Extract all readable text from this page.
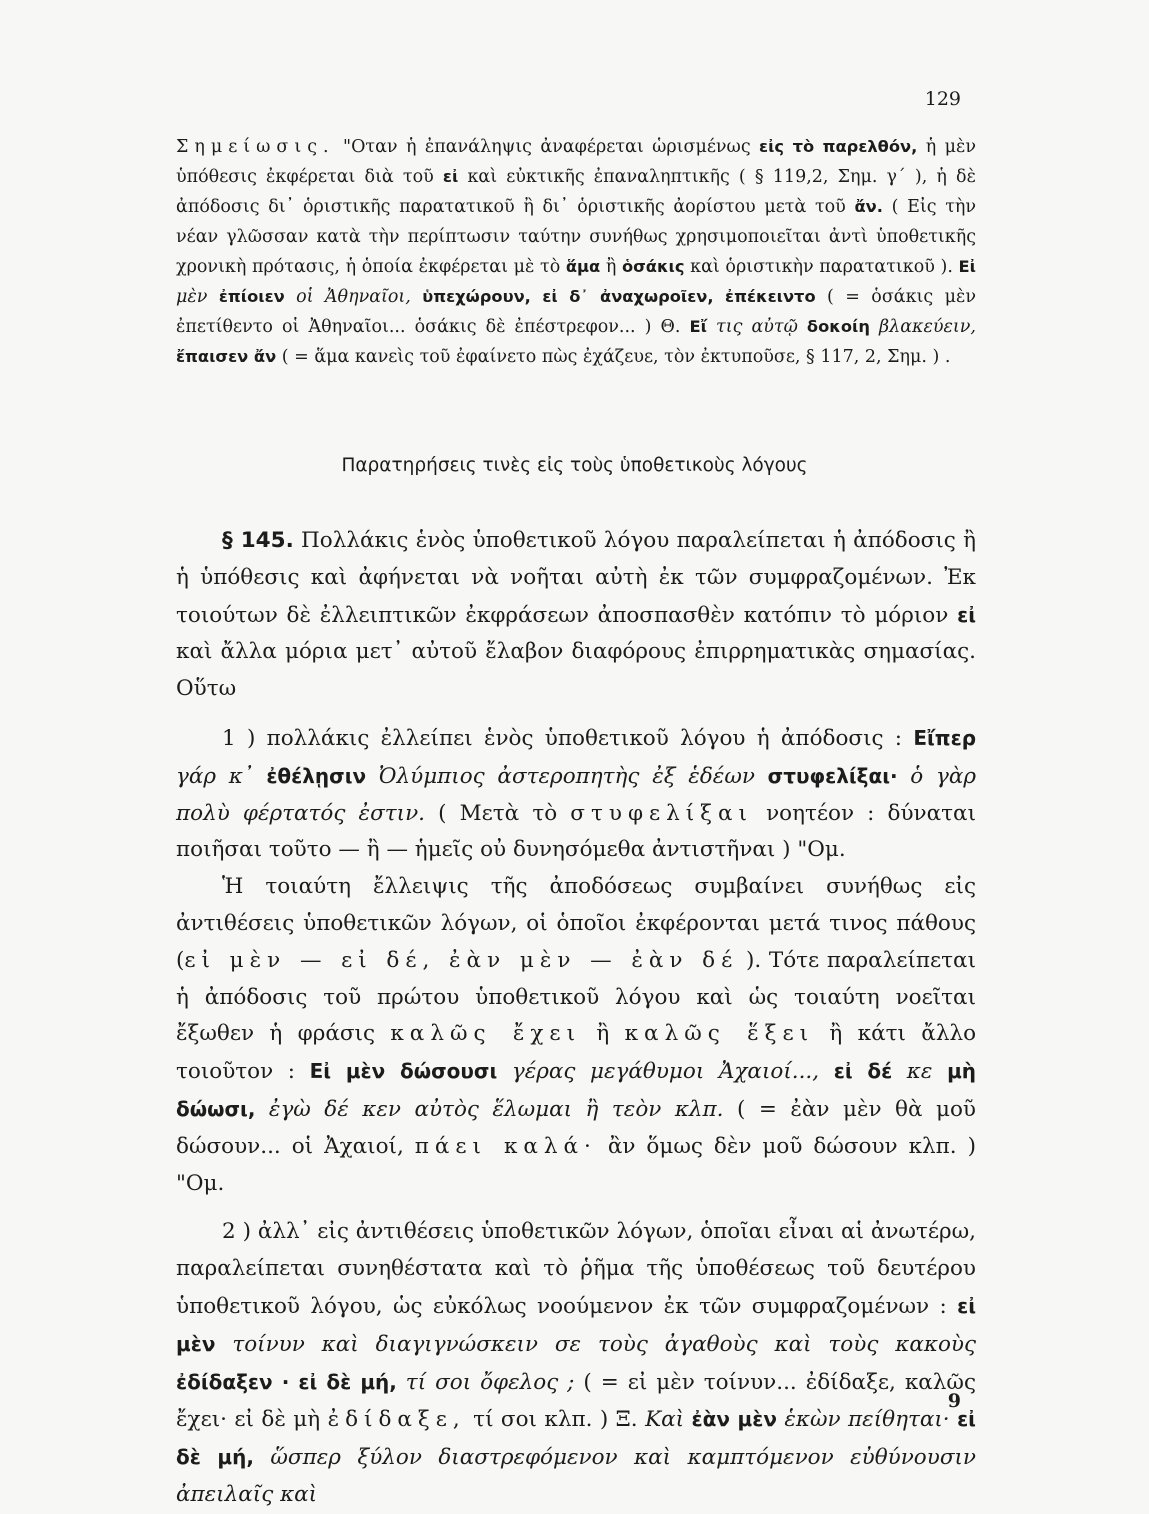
129
Σημείωσις. "Οταν ἡ ἐπανάληψις ἀναφέρεται ὡρισμένως εἰς τὸ παρελθόν, ἡ μὲν ὑπόθεσις ἐκφέρεται διὰ τοῦ εἰ καὶ εὐκτικῆς ἐπαναληπτικῆς ( § 119,2, Σημ. γ΄ ), ἡ δὲ ἀπόδοσις δι᾿ ὁριστικῆς παρατατικοῦ ἢ δι᾿ ὁριστικῆς ἀορίστου μετὰ τοῦ ἄν. ( Εἰς τὴν νέαν γλῶσσαν κατὰ τὴν περίπτωσιν ταύτην συνήθως χρησιμοποιεῖται ἀντὶ ὑποθετικῆς χρονικὴ πρότασις, ἡ ὁποία ἐκφέρεται μὲ τὸ ἅμα ἢ ὁσάκις καὶ ὁριστικὴν παρατατικοῦ ). Εἰ μὲν ἐπίοιεν οἱ Ἀθηναῖοι, ὑπεχώρουν, εἰ δ᾿ ἀναχωροῖεν, ἐπέκειντο ( = ὁσάκις μὲν ἐπετίθεντο οἱ Ἀθηναῖοι... ὁσάκις δὲ ἐπέστρεφον... ) Θ. Εἴ τις αὐτῷ δοκοίη βλακεύειν, ἔπαισεν ἄν ( = ἅμα κανεὶς τοῦ ἐφαίνετο πὼς ἐχάζευε, τὸν ἐκτυποῦσε, § 117, 2, Σημ. ) .
Παρατηρήσεις τινὲς εἰς τοὺς ὑποθετικοὺς λόγους

§ 145. Πολλάκις ἑνὸς ὑποθετικοῦ λόγου παραλείπεται ἡ ἀπόδοσις ἢ ἡ ὑπόθεσις καὶ ἀφήνεται νὰ νοῆται αὐτὴ ἐκ τῶν συμφραζομένων. Ἐκ τοιούτων δὲ ἐλλειπτικῶν ἐκφράσεων ἀποσπασθὲν κατόπιν τὸ μόριον εἰ καὶ ἄλλα μόρια μετ᾿ αὐτοῦ ἔλαβον διαφόρους ἐπιρρηματικὰς σημασίας. Οὕτω

1 ) πολλάκις ἐλλείπει ἑνὸς ὑποθετικοῦ λόγου ἡ ἀπόδοσις : Εἴπερ γάρ κ᾿ ἐθέλῃσιν Ὀλύμπιος ἀστεροπητὴς ἐξ ἑδέων στυφελίξαι· ὁ γὰρ πολὺ φέρτατός ἐστιν. ( Μετὰ τὸ στυφελίξαι νοητέον : δύναται ποιῆσαι τοῦτο — ἢ — ἡμεῖς οὐ δυνησόμεθα ἀντιστῆναι ) "Ομ.

Ἡ τοιαύτη ἔλλειψις τῆς ἀποδόσεως συμβαίνει συνήθως εἰς ἀντιθέσεις ὑποθετικῶν λόγων, οἱ ὁποῖοι ἐκφέρονται μετά τινος πάθους (εἰ μὲν — εἰ δέ, ἐὰν μὲν — ἐὰν δέ ). Τότε παραλείπεται ἡ ἀπόδοσις τοῦ πρώτου ὑποθετικοῦ λόγου καὶ ὡς τοιαύτη νοεῖται ἔξωθεν ἡ φράσις καλῶς ἔχει ἢ καλῶς ἕξει ἢ κάτι ἄλλο τοιοῦτον : Εἰ μὲν δώσουσι γέρας μεγάθυμοι Ἀχαιοί..., εἰ δέ κε μὴ δώωσι, ἐγὼ δέ κεν αὐτὸς ἕλωμαι ἢ τεὸν κλπ. ( = ἐὰν μὲν θὰ μοῦ δώσουν... οἱ Ἀχαιοί, πάει καλά· ἂν ὅμως δὲν μοῦ δώσουν κλπ. ) "Ομ.

2 ) ἀλλ᾿ εἰς ἀντιθέσεις ὑποθετικῶν λόγων, ὁποῖαι εἶναι αἱ ἀνωτέρω, παραλείπεται συνηθέστατα καὶ τὸ ῥῆμα τῆς ὑποθέσεως τοῦ δευτέρου ὑποθετικοῦ λόγου, ὡς εὐκόλως νοούμενον ἐκ τῶν συμφραζομένων : εἰ μὲν τοίνυν καὶ διαγιγνώσκειν σε τοὺς ἀγαθοὺς καὶ τοὺς κακοὺς ἐδίδαξεν · εἰ δὲ μή, τί σοι ὄφελος ; ( = εἰ μὲν τοίνυν... ἐδίδαξε, καλῶς ἔχει· εἰ δὲ μὴ ἐδίδαξε, τί σοι κλπ. ) Ξ. Καὶ ἐὰν μὲν ἑκὼν πείθηται· εἰ δὲ μή, ὥσπερ ξύλον διαστρεφόμενον καὶ καμπτόμενον εὐθύνουσιν ἀπειλαῖς καὶ

9
